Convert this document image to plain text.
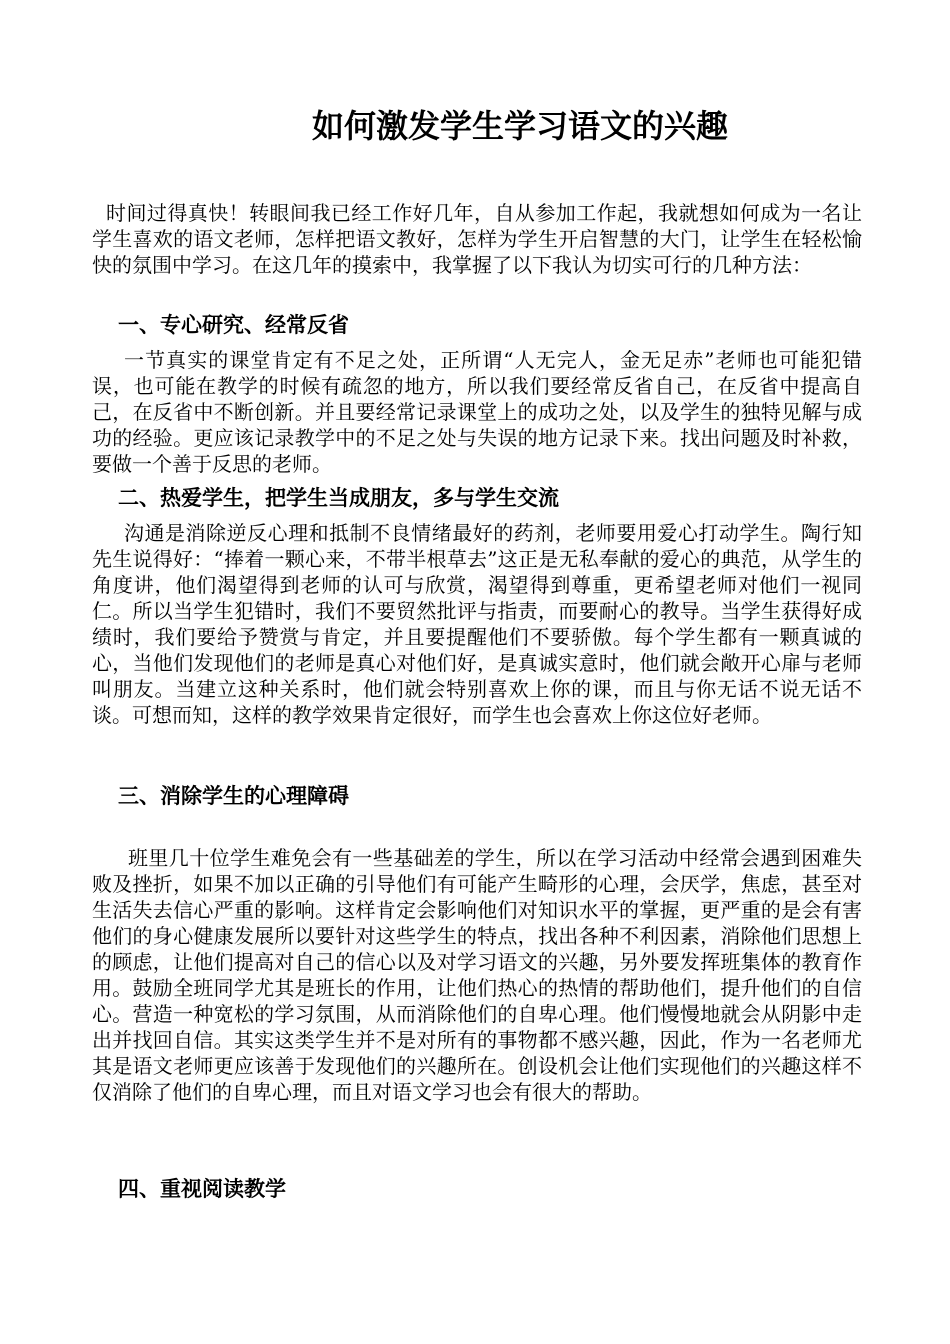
如何激发学生学习语文的兴趣

时间过得真快！转眼间我已经工作好几年，自从参加工作起，我就想如何成为一名让学生喜欢的语文老师，怎样把语文教好，怎样为学生开启智慧的大门，让学生在轻松愉快的氛围中学习。在这几年的摸索中，我掌握了以下我认为切实可行的几种方法：

一、专心研究、经常反省

一节真实的课堂肯定有不足之处，正所谓“人无完人，金无足赤”老师也可能犯错误，也可能在教学的时候有疏忽的地方，所以我们要经常反省自己，在反省中提高自己，在反省中不断创新。并且要经常记录课堂上的成功之处，以及学生的独特见解与成功的经验。更应该记录教学中的不足之处与失误的地方记录下来。找出问题及时补救，要做一个善于反思的老师。

二、热爱学生，把学生当成朋友，多与学生交流

沟通是消除逆反心理和抵制不良情绪最好的药剂，老师要用爱心打动学生。陶行知先生说得好：“捧着一颗心来，不带半根草去”这正是无私奉献的爱心的典范，从学生的角度讲，他们渴望得到老师的认可与欣赏，渴望得到尊重，更希望老师对他们一视同仁。所以当学生犯错时，我们不要贸然批评与指责，而要耐心的教导。当学生获得好成绩时，我们要给予赞赏与肯定，并且要提醒他们不要骄傲。每个学生都有一颗真诚的心，当他们发现他们的老师是真心对他们好，是真诚实意时，他们就会敞开心扉与老师叫朋友。当建立这种关系时，他们就会特别喜欢上你的课，而且与你无话不说无话不谈。可想而知，这样的教学效果肯定很好，而学生也会喜欢上你这位好老师。

三、消除学生的心理障碍

班里几十位学生难免会有一些基础差的学生，所以在学习活动中经常会遇到困难失败及挫折，如果不加以正确的引导他们有可能产生畸形的心理，会厌学，焦虑，甚至对生活失去信心严重的影响。这样肯定会影响他们对知识水平的掌握，更严重的是会有害他们的身心健康发展所以要针对这些学生的特点，找出各种不利因素，消除他们思想上的顾虑，让他们提高对自己的信心以及对学习语文的兴趣，另外要发挥班集体的教育作用。鼓励全班同学尤其是班长的作用，让他们热心的热情的帮助他们，提升他们的自信心。营造一种宽松的学习氛围，从而消除他们的自卑心理。他们慢慢地就会从阴影中走出并找回自信。其实这类学生并不是对所有的事物都不感兴趣，因此，作为一名老师尤其是语文老师更应该善于发现他们的兴趣所在。创设机会让他们实现他们的兴趣这样不仅消除了他们的自卑心理，而且对语文学习也会有很大的帮助。

四、重视阅读教学
